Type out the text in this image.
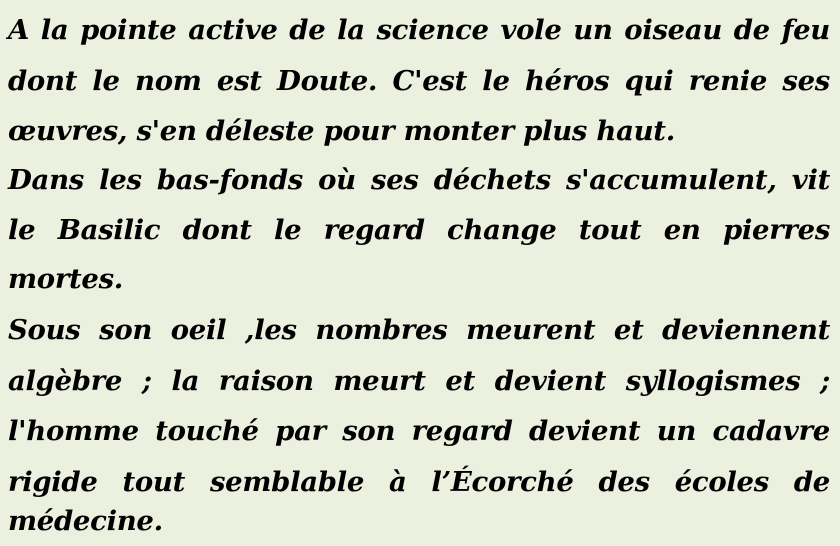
A la pointe active de la science vole un oiseau de feu
dont le nom est Doute. C'est le héros qui renie ses
œuvres, s'en déleste pour monter plus haut.
Dans les bas-fonds où ses déchets s'accumulent, vit
le Basilic dont le regard change tout en pierres
mortes.
Sous son oeil ,les nombres meurent et deviennent
algèbre ; la raison meurt et devient syllogismes ;
l'homme touché par son regard devient un cadavre
rigide tout semblable à l’Écorché des écoles de
médecine.
